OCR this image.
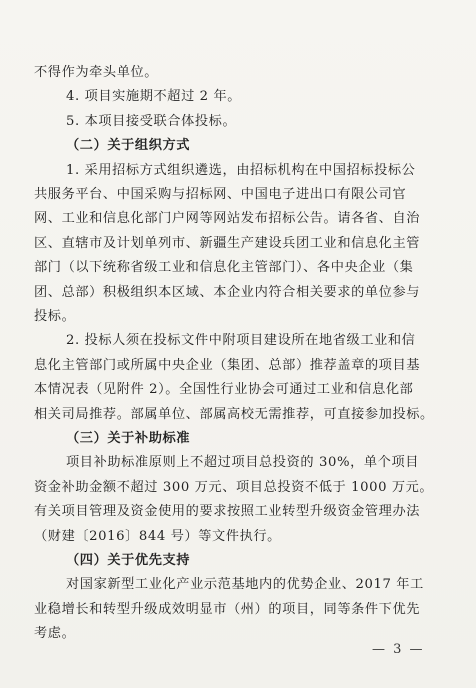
不得作为牵头单位。
4. 项目实施期不超过 2 年。
5. 本项目接受联合体投标。
（二）关于组织方式
1. 采用招标方式组织遴选，由招标机构在中国招标投标公
共服务平台、中国采购与招标网、中国电子进出口有限公司官
网、工业和信息化部门户网等网站发布招标公告。请各省、自治
区、直辖市及计划单列市、新疆生产建设兵团工业和信息化主管
部门（以下统称省级工业和信息化主管部门）、各中央企业（集
团、总部）积极组织本区域、本企业内符合相关要求的单位参与
投标。
2. 投标人须在投标文件中附项目建设所在地省级工业和信
息化主管部门或所属中央企业（集团、总部）推荐盖章的项目基
本情况表（见附件 2）。全国性行业协会可通过工业和信息化部
相关司局推荐。部属单位、部属高校无需推荐，可直接参加投标。
（三）关于补助标准
项目补助标准原则上不超过项目总投资的 30%，单个项目
资金补助金额不超过 300 万元、项目总投资不低于 1000 万元。
有关项目管理及资金使用的要求按照工业转型升级资金管理办法
（财建〔2016〕844 号）等文件执行。
（四）关于优先支持
对国家新型工业化产业示范基地内的优势企业、2017 年工
业稳增长和转型升级成效明显市（州）的项目，同等条件下优先
考虑。
— 3 —
